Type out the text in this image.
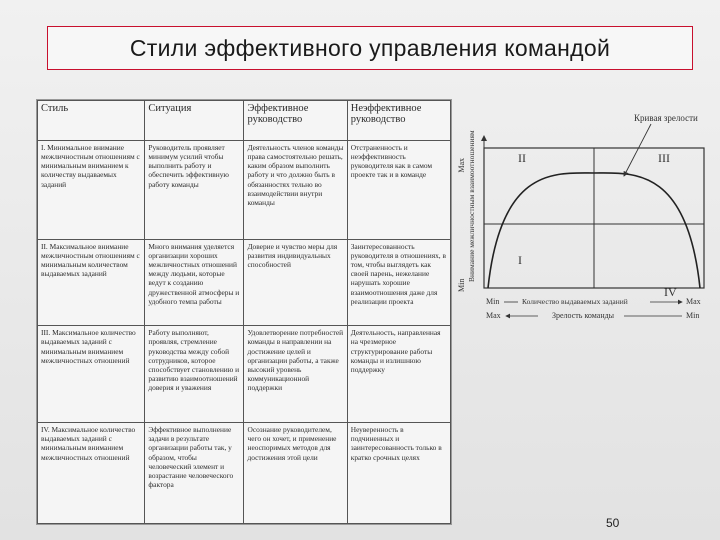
Стили эффективного управления командой
Стиль	Ситуация	Эффективное руководство	Неэффективное руководство
I. Минимальное внимание межличностным отношениям с минимальным вниманием к количеству выдаваемых заданий	Руководитель проявляет минимум усилий чтобы выполнить работу и обеспечить эффективную работу команды	Деятельность членов команды права самостоятельно решать, каким образом выполнить работу и что должно быть в обязанностях тельно во взаимодействии внутри команды	Отстраненность и неэффективность руководителя как в самом проекте так и в команде
II. Максимальное внимание межличностным отношениям с минимальным количеством выдаваемых заданий	Много внимания уделяется организации хороших межличностных отношений между людьми, которые ведут к созданию дружественной атмосферы и удобного темпа работы	Доверие и чувство меры для развития индивидуальных способностей	Заинтересованность руководителя в отношениях, в том, чтобы выглядеть как своей парень, нежелание нарушать хорошие взаимоотношения даже для реализации проекта
III. Максимальное количество выдаваемых заданий с минимальным вниманием межличностных отношений	Работу выполняют, проявляя, стремление руководства между собой сотрудников, которое способствует становлению и развитию взаимоотношений доверия и уважения	Удовлетворение потребностей команды в направлении на достижение целей и организации работы, а также высокий уровень коммуникационной поддержки	Деятельность, направленная на чрезмерное структурирование работы команды и излишнюю поддержку
IV. Максимальное количество выдаваемых заданий с минимальным вниманием межличностных отношений	Эффективное выполнение задачи в результате организации работы так, у образом, чтобы человеческий элемент и возрастание человеческого фактора	Осознание руководителем, чего он хочет, и применение неоспоримых методов для достижения этой цели	Неуверенность в подчиненных и заинтересованность только в кратко срочных целях
Кривая зрелости
II	III
I
IV
Max Внимание межличностным взаимоотношениям
Min
Min	Количество выдаваемых заданий	Max
Max	Зрелость команды	Min
50
